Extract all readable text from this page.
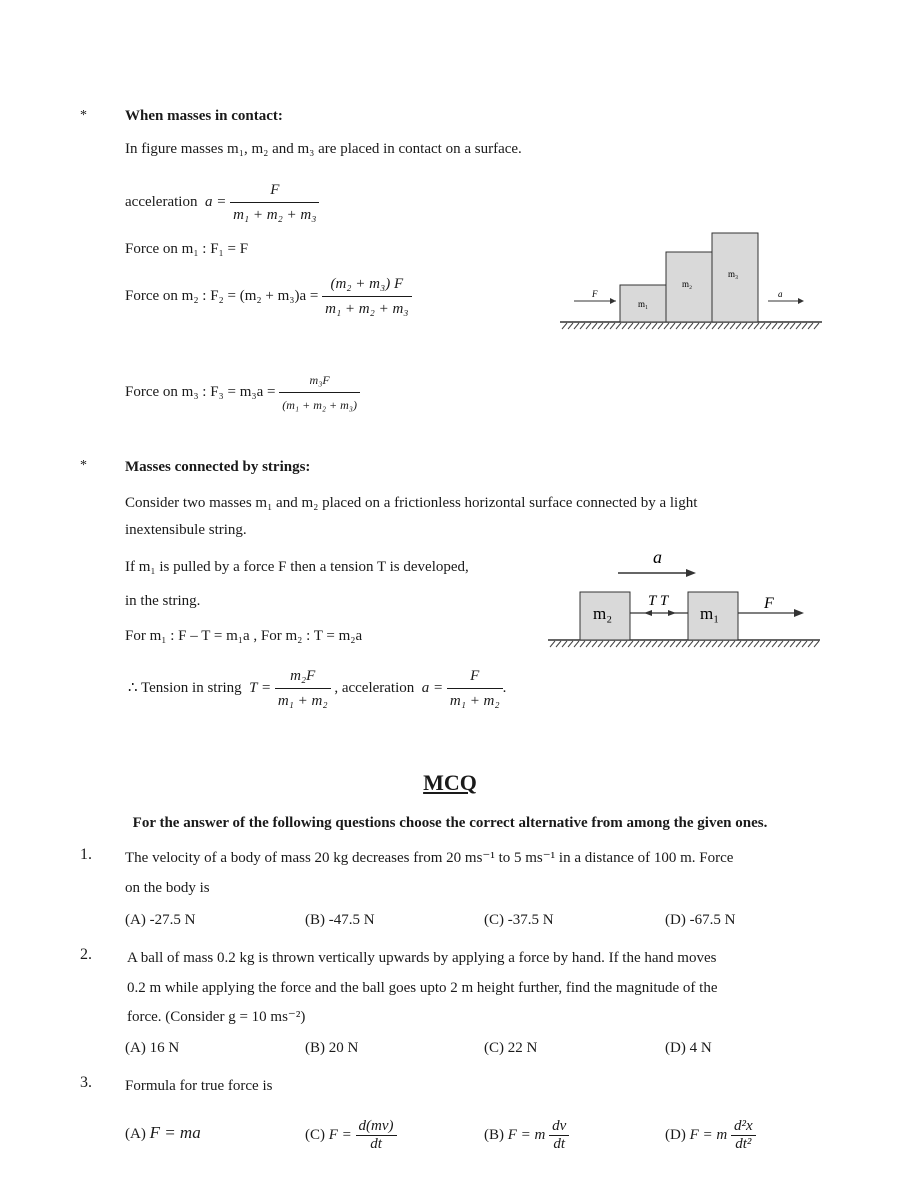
*	When masses in contact:
In figure masses m₁, m₂ and m₃ are placed in contact on a surface.
acceleration $a = \frac{F}{\text{m₁ + m₂ + m₃}}$
Force on m₁ : F₁ = F
Force on m₂ : $F_2 = (m_2 + m_3)a = \frac{\text{(m₂ + m₃) F}}{\text{m₁ + m₂ + m₃}}$
Force on m₃ : $F_3 = m_3a = \frac{\text{m₃F}}{\text{(m₁ + m₂ + m₃)}}$
m₁
m₂
m₃
F	a
*	Masses connected by strings:
Consider two masses m₁ and m₂ placed on a frictionless horizontal surface connected by a light
inextensibule string.
If m₁ is pulled by a force F then a tension T is developed,
in the string.
For m₁ : F – T = m₁a , For m₂ : T = m₂a
∴ Tension in string $T = \frac{\text{m₂F}}{\text{m₁ + m₂}}$ , acceleration $a = \frac{F}{\text{m₁ + m₂}}$ .
a
m₂	m₁
T T	F
MCQ
For the answer of the following questions choose the correct alternative from among the given ones.
1. The velocity of a body of mass 20 kg decreases from 20 ms⁻¹ to 5 ms⁻¹ in a distance of 100 m. Force
on the body is
(A) -27.5 N	(B) -47.5 N	(C) -37.5 N	(D) -67.5 N
2. A ball of mass 0.2 kg is thrown vertically upwards by applying a force by hand. If the hand moves
0.2 m while applying the force and the ball goes upto 2 m height further, find the magnitude of the
force. (Consider g = 10 ms⁻²)
(A) 16 N	(B) 20 N	(C) 22 N	(D) 4 N
3. Formula for true force is
(A) F = ma	(C) $F = \frac{d(mv)}{dt}$	(B) F = m $\frac{dv}{dt}$	(D) F = m $\frac{\text{d²x}}{\text{dt²}}$
